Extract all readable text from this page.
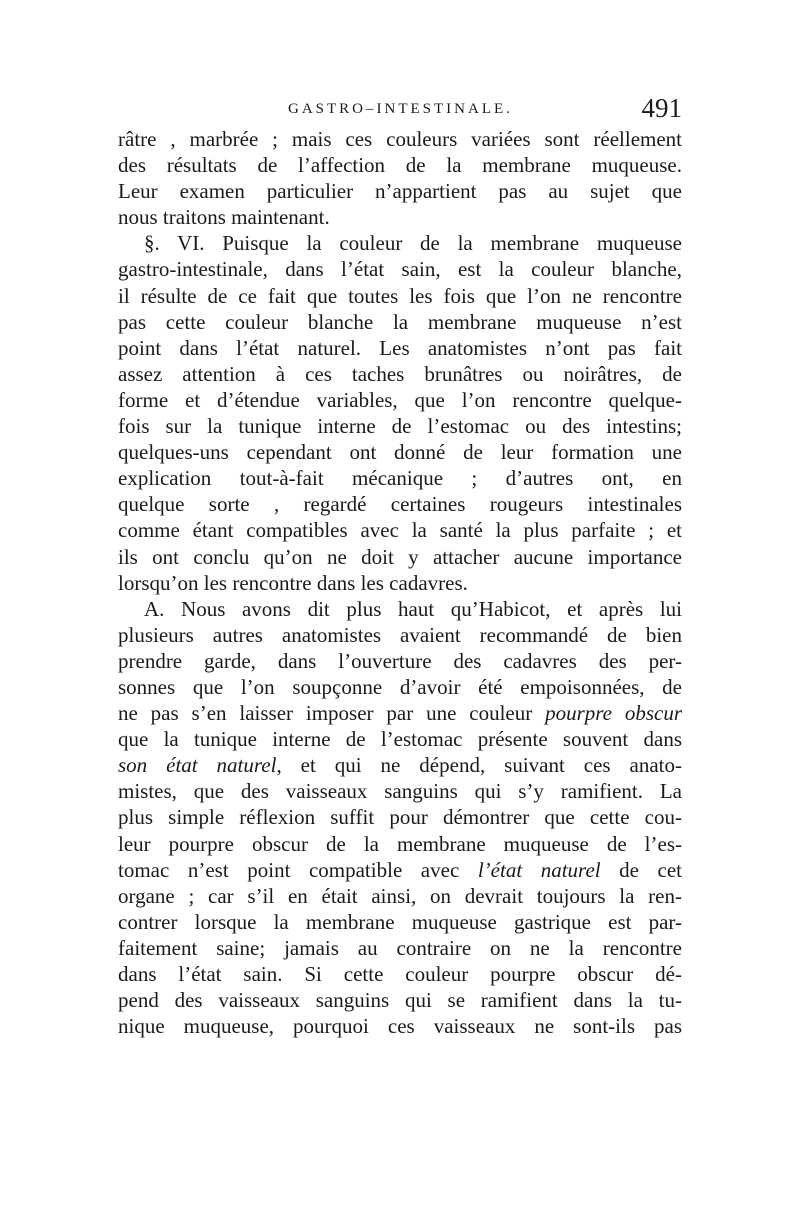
GASTRO–INTESTINALE.	491
râtre , marbrée ; mais ces couleurs variées sont réellement
des résultats de l’affection de la membrane muqueuse.
Leur examen particulier n’appartient pas au sujet que
nous traitons maintenant.
§. VI. Puisque la couleur de la membrane muqueuse
gastro-intestinale, dans l’état sain, est la couleur blanche,
il résulte de ce fait que toutes les fois que l’on ne rencontre
pas cette couleur blanche la membrane muqueuse n’est
point dans l’état naturel. Les anatomistes n’ont pas fait
assez attention à ces taches brunâtres ou noirâtres, de
forme et d’étendue variables, que l’on rencontre quelque-
fois sur la tunique interne de l’estomac ou des intestins;
quelques-uns cependant ont donné de leur formation une
explication tout-à-fait mécanique ; d’autres ont, en
quelque sorte , regardé certaines rougeurs intestinales
comme étant compatibles avec la santé la plus parfaite ; et
ils ont conclu qu’on ne doit y attacher aucune importance
lorsqu’on les rencontre dans les cadavres.
A. Nous avons dit plus haut qu’Habicot, et après lui
plusieurs autres anatomistes avaient recommandé de bien
prendre garde, dans l’ouverture des cadavres des per-
sonnes que l’on soupçonne d’avoir été empoisonnées, de
ne pas s’en laisser imposer par une couleur pourpre obscur
que la tunique interne de l’estomac présente souvent dans
son état naturel, et qui ne dépend, suivant ces anato-
mistes, que des vaisseaux sanguins qui s’y ramifient. La
plus simple réflexion suffit pour démontrer que cette cou-
leur pourpre obscur de la membrane muqueuse de l’es-
tomac n’est point compatible avec l’état naturel de cet
organe ; car s’il en était ainsi, on devrait toujours la ren-
contrer lorsque la membrane muqueuse gastrique est par-
faitement saine; jamais au contraire on ne la rencontre
dans l’état sain. Si cette couleur pourpre obscur dé-
pend des vaisseaux sanguins qui se ramifient dans la tu-
nique muqueuse, pourquoi ces vaisseaux ne sont-ils pas
